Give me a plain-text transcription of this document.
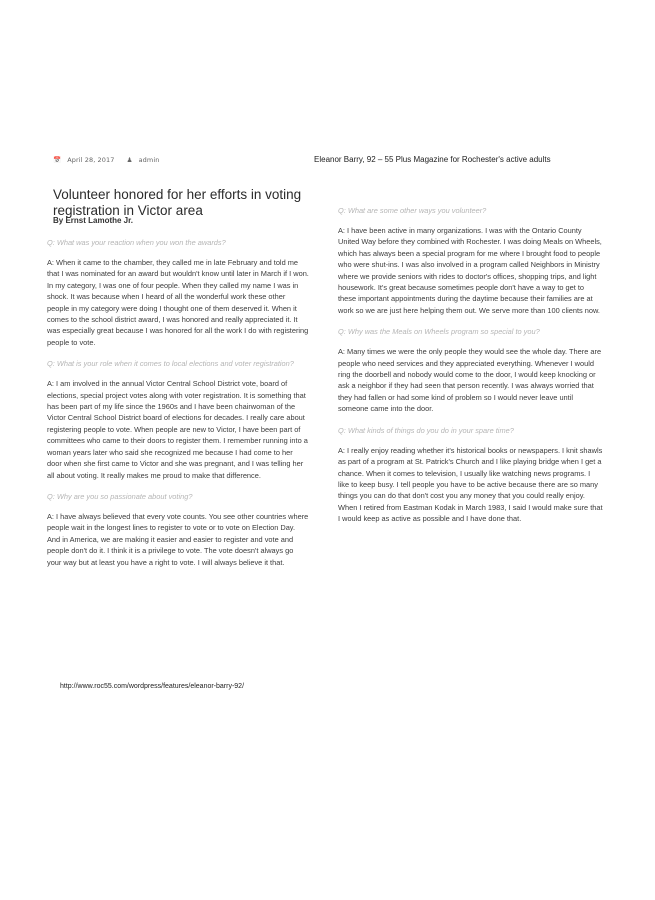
📅 April 28, 2017 ♟ admin	Eleanor Barry, 92 – 55 Plus Magazine for Rochester's active adults
Volunteer honored for her efforts in voting registration in Victor area
By Ernst Lamothe Jr.

Q: What was your reaction when you won the awards?

A: When it came to the chamber, they called me in late February and told me that I was nominated for an award but wouldn't know until later in March if I won. In my category, I was one of four people. When they called my name I was in shock. It was because when I heard of all the wonderful work these other people in my category were doing I thought one of them deserved it. When it comes to the school district award, I was honored and really appreciated it. It was especially great because I was honored for all the work I do with registering people to vote.

Q: What is your role when it comes to local elections and voter registration?

A: I am involved in the annual Victor Central School District vote, board of elections, special project votes along with voter registration. It is something that has been part of my life since the 1960s and I have been chairwoman of the Victor Central School District board of elections for decades. I really care about registering people to vote. When people are new to Victor, I have been part of committees who came to their doors to register them. I remember running into a woman years later who said she recognized me because I had come to her door when she first came to Victor and she was pregnant, and I was telling her all about voting. It really makes me proud to make that difference.

Q: Why are you so passionate about voting?

A: I have always believed that every vote counts. You see other countries where people wait in the longest lines to register to vote or to vote on Election Day. And in America, we are making it easier and easier to register and vote and people don't do it. I think it is a privilege to vote. The vote doesn't always go your way but at least you have a right to vote. I will always believe it that.

Q: What are some other ways you volunteer?

A: I have been active in many organizations. I was with the Ontario County United Way before they combined with Rochester. I was doing Meals on Wheels, which has always been a special program for me where I brought food to people who were shut-ins. I was also involved in a program called Neighbors in Ministry where we provide seniors with rides to doctor's offices, shopping trips, and light housework. It's great because sometimes people don't have a way to get to these important appointments during the daytime because their families are at work so we are just here helping them out. We serve more than 100 clients now.

Q: Why was the Meals on Wheels program so special to you?

A: Many times we were the only people they would see the whole day. There are people who need services and they appreciated everything. Whenever I would ring the doorbell and nobody would come to the door, I would keep knocking or ask a neighbor if they had seen that person recently. I was always worried that they had fallen or had some kind of problem so I would never leave until someone came into the door.

Q: What kinds of things do you do in your spare time?

A: I really enjoy reading whether it's historical books or newspapers. I knit shawls as part of a program at St. Patrick's Church and I like playing bridge when I get a chance. When it comes to television, I usually like watching news programs. I like to keep busy. I tell people you have to be active because there are so many things you can do that don't cost you any money that you could really enjoy. When I retired from Eastman Kodak in March 1983, I said I would make sure that I would keep as active as possible and I have done that.

http://www.roc55.com/wordpress/features/eleanor-barry-92/
